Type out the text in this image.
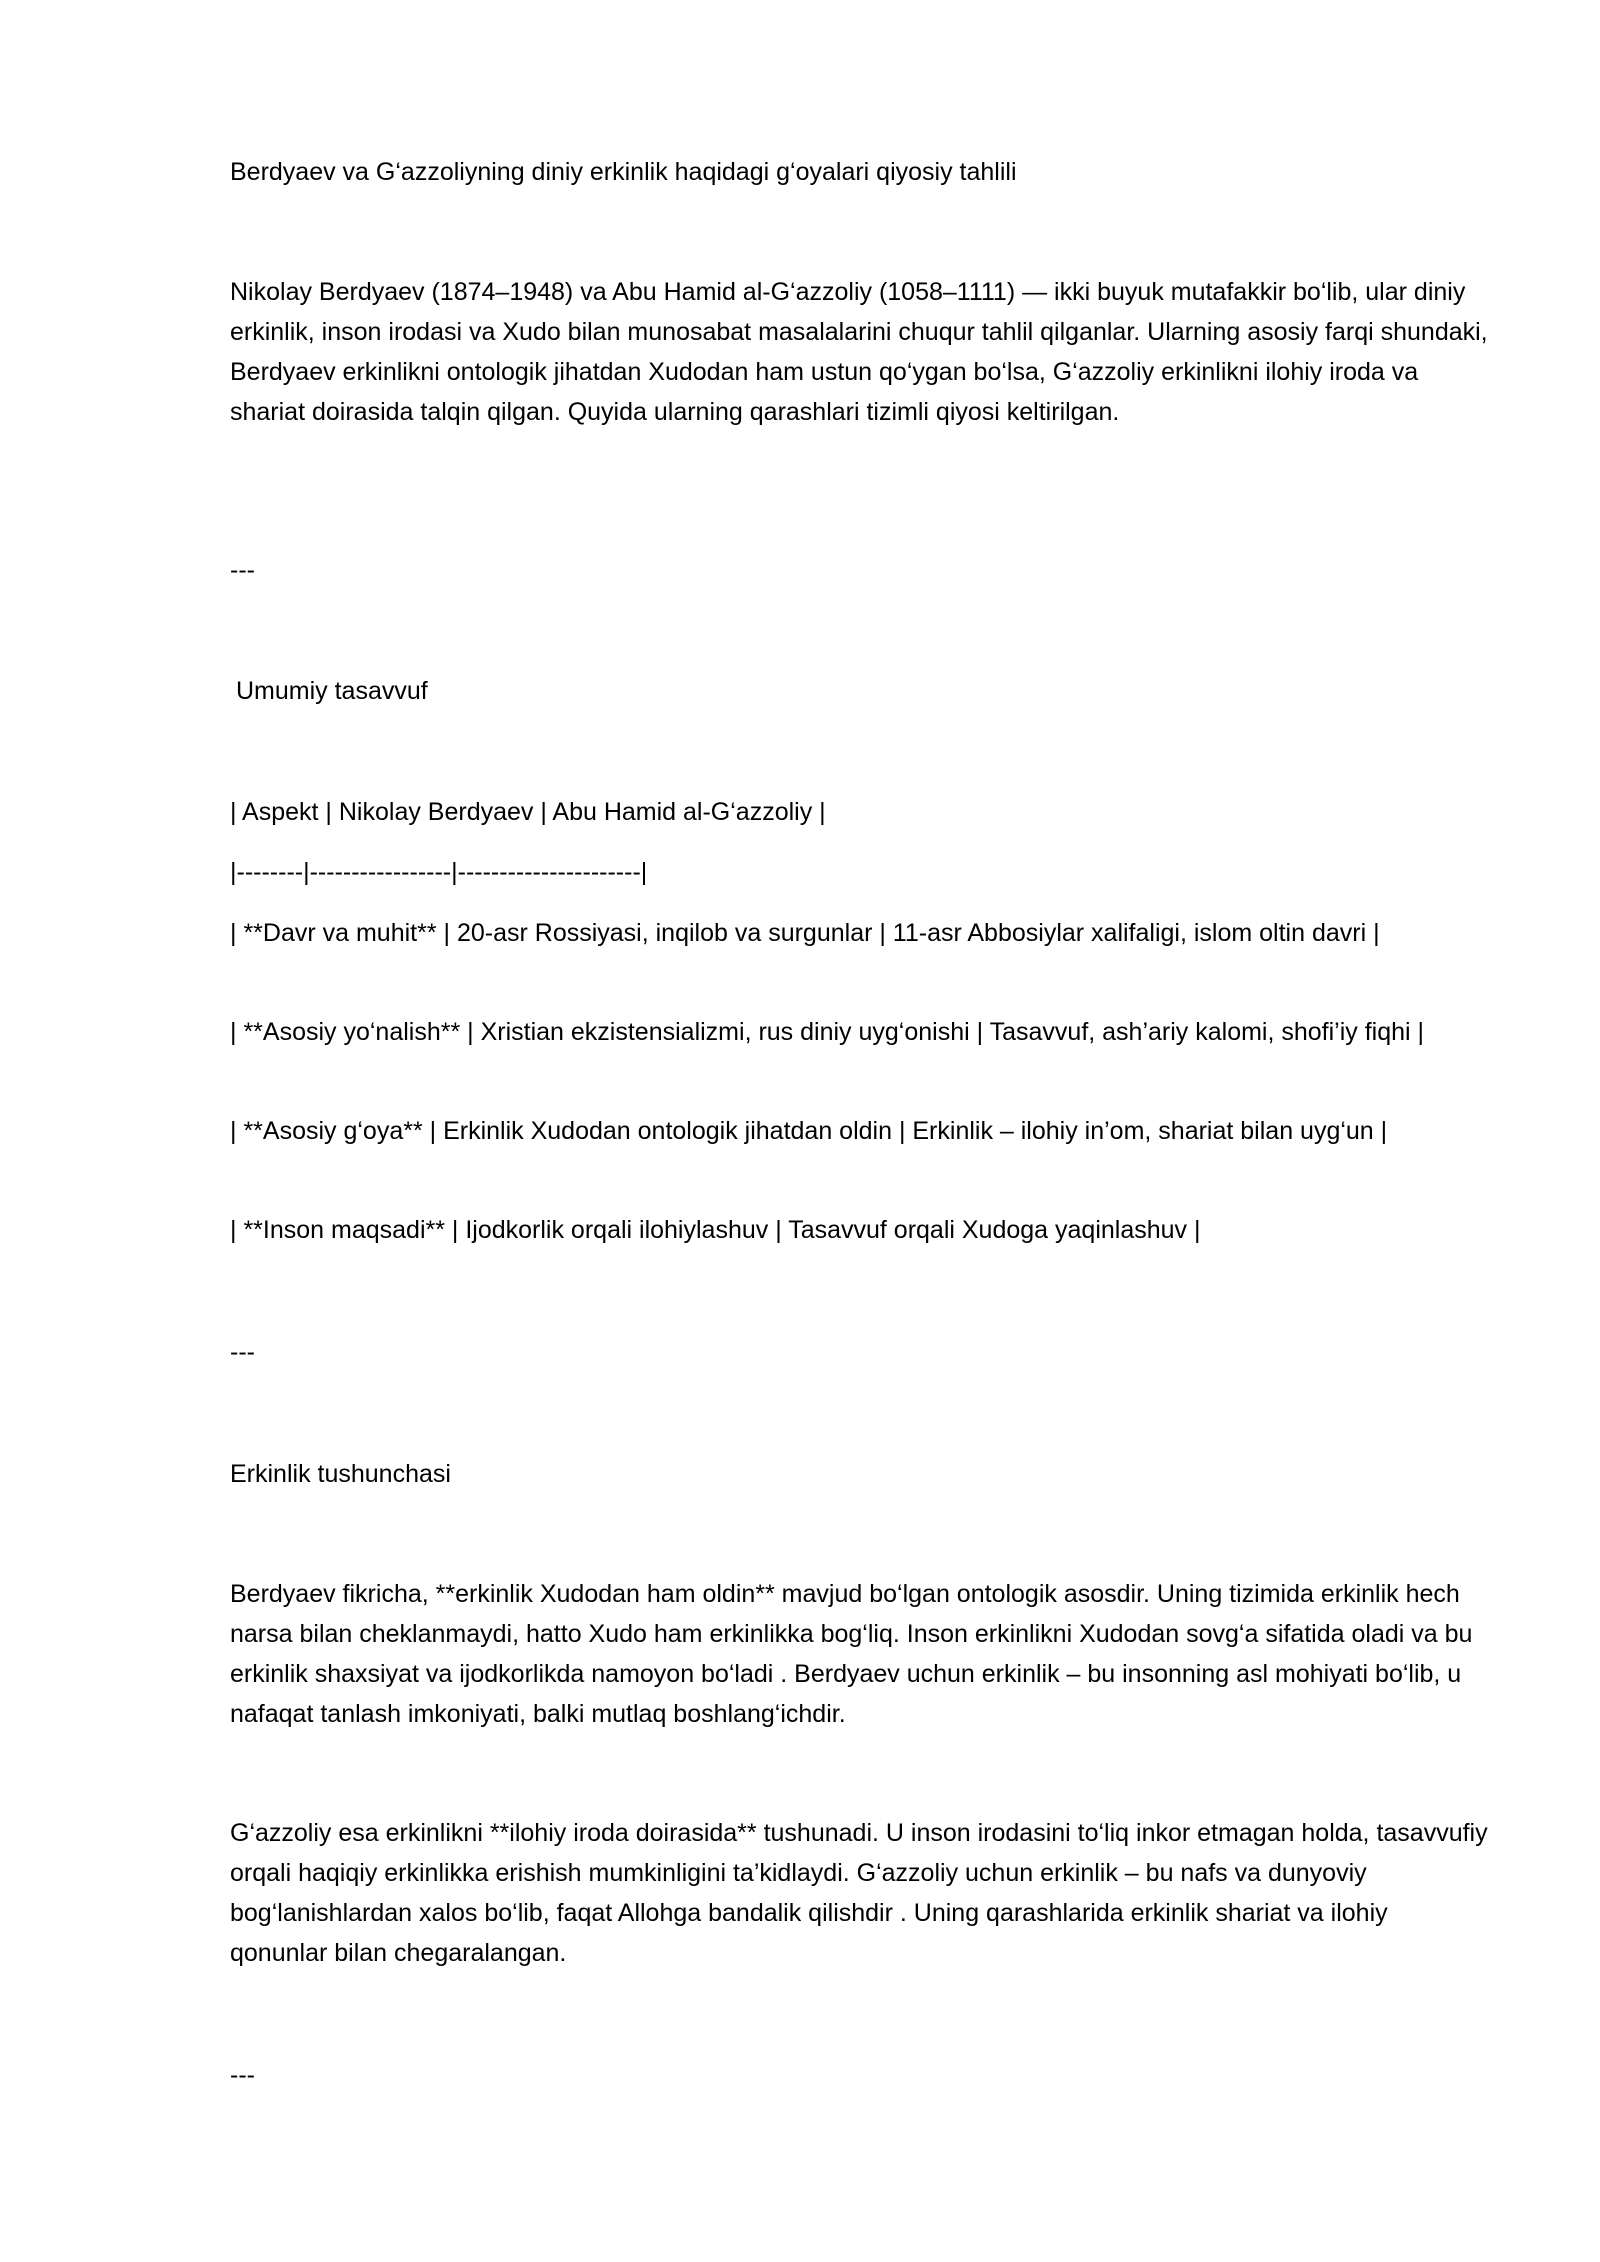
Berdyaev va G‘azzoliyning diniy erkinlik haqidagi g‘oyalari qiyosiy tahlili

Nikolay Berdyaev (1874–1948) va Abu Hamid al-G‘azzoliy (1058–1111) — ikki buyuk mutafakkir bo‘lib, ular diniy erkinlik, inson irodasi va Xudo bilan munosabat masalalarini chuqur tahlil qilganlar. Ularning asosiy farqi shundaki, Berdyaev erkinlikni ontologik jihatdan Xudodan ham ustun qo‘ygan bo‘lsa, G‘azzoliy erkinlikni ilohiy iroda va shariat doirasida talqin qilgan. Quyida ularning qarashlari tizimli qiyosi keltirilgan.

---

Umumiy tasavvuf

| Aspekt | Nikolay Berdyaev | Abu Hamid al-G‘azzoliy |

|--------|-----------------|----------------------|

| **Davr va muhit** | 20-asr Rossiyasi, inqilob va surgunlar | 11-asr Abbosiylar xalifaligi, islom oltin davri |

| **Asosiy yo‘nalish** | Xristian ekzistensializmi, rus diniy uyg‘onishi | Tasavvuf, ash’ariy kalomi, shofi’iy fiqhi |

| **Asosiy g‘oya** | Erkinlik Xudodan ontologik jihatdan oldin | Erkinlik – ilohiy in’om, shariat bilan uyg‘un |

| **Inson maqsadi** | Ijodkorlik orqali ilohiylashuv | Tasavvuf orqali Xudoga yaqinlashuv |

---

Erkinlik tushunchasi

Berdyaev fikricha, **erkinlik Xudodan ham oldin** mavjud bo‘lgan ontologik asosdir. Uning tizimida erkinlik hech narsa bilan cheklanmaydi, hatto Xudo ham erkinlikka bog‘liq. Inson erkinlikni Xudodan sovg‘a sifatida oladi va bu erkinlik shaxsiyat va ijodkorlikda namoyon bo‘ladi . Berdyaev uchun erkinlik – bu insonning asl mohiyati bo‘lib, u nafaqat tanlash imkoniyati, balki mutlaq boshlang‘ichdir.

G‘azzoliy esa erkinlikni **ilohiy iroda doirasida** tushunadi. U inson irodasini to‘liq inkor etmagan holda, tasavvufiy orqali haqiqiy erkinlikka erishish mumkinligini ta’kidlaydi. G‘azzoliy uchun erkinlik – bu nafs va dunyoviy bog‘lanishlardan xalos bo‘lib, faqat Allohga bandalik qilishdir . Uning qarashlarida erkinlik shariat va ilohiy qonunlar bilan chegaralangan.

---
